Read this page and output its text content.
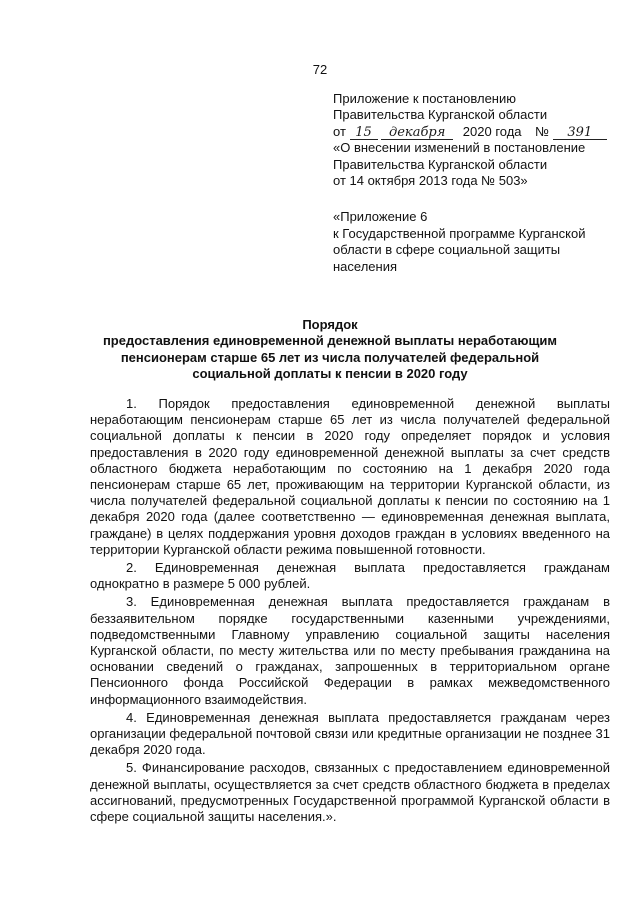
72
Приложение к постановлению
Правительства Курганской области
от 15 декабря 2020 года № 391
«О внесении изменений в постановление
Правительства Курганской области
от 14 октября 2013 года № 503»
«Приложение 6
к Государственной программе Курганской
области в сфере социальной защиты
населения
Порядок
предоставления единовременной денежной выплаты неработающим
пенсионерам старше 65 лет из числа получателей федеральной
социальной доплаты к пенсии в 2020 году

1. Порядок предоставления единовременной денежной выплаты неработающим пенсионерам старше 65 лет из числа получателей федеральной социальной доплаты к пенсии в 2020 году определяет порядок и условия предоставления в 2020 году единовременной денежной выплаты за счет средств областного бюджета неработающим по состоянию на 1 декабря 2020 года пенсионерам старше 65 лет, проживающим на территории Курганской области, из числа получателей федеральной социальной доплаты к пенсии по состоянию на 1 декабря 2020 года (далее соответственно — единовременная денежная выплата, граждане) в целях поддержания уровня доходов граждан в условиях введенного на территории Курганской области режима повышенной готовности.

2. Единовременная денежная выплата предоставляется гражданам однократно в размере 5 000 рублей.

3. Единовременная денежная выплата предоставляется гражданам в беззаявительном порядке государственными казенными учреждениями, подведомственными Главному управлению социальной защиты населения Курганской области, по месту жительства или по месту пребывания гражданина на основании сведений о гражданах, запрошенных в территориальном органе Пенсионного фонда Российской Федерации в рамках межведомственного информационного взаимодействия.

4. Единовременная денежная выплата предоставляется гражданам через организации федеральной почтовой связи или кредитные организации не позднее 31 декабря 2020 года.

5. Финансирование расходов, связанных с предоставлением единовременной денежной выплаты, осуществляется за счет средств областного бюджета в пределах ассигнований, предусмотренных Государственной программой Курганской области в сфере социальной защиты населения.».
